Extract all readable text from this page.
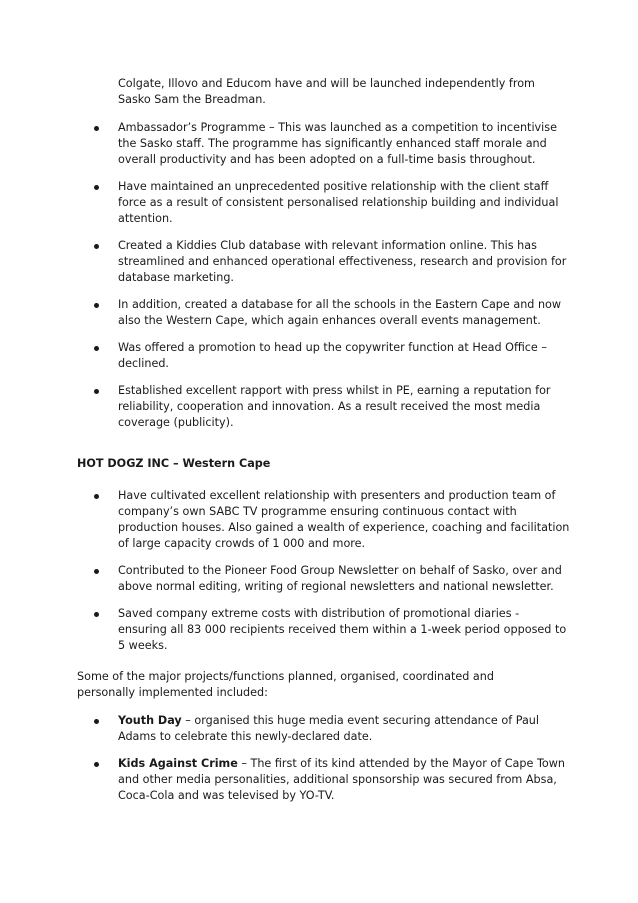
Colgate, Illovo and Educom have and will be launched independently from Sasko Sam the Breadman.

Ambassador’s Programme – This was launched as a competition to incentivise the Sasko staff. The programme has significantly enhanced staff morale and overall productivity and has been adopted on a full-time basis throughout.
Have maintained an unprecedented positive relationship with the client staff force as a result of consistent personalised relationship building and individual attention.
Created a Kiddies Club database with relevant information online. This has streamlined and enhanced operational effectiveness, research and provision for database marketing.
In addition, created a database for all the schools in the Eastern Cape and now also the Western Cape, which again enhances overall events management.
Was offered a promotion to head up the copywriter function at Head Office – declined.
Established excellent rapport with press whilst in PE, earning a reputation for reliability, cooperation and innovation. As a result received the most media coverage (publicity).

HOT DOGZ INC – Western Cape

Have cultivated excellent relationship with presenters and production team of company’s own SABC TV programme ensuring continuous contact with production houses. Also gained a wealth of experience, coaching and facilitation of large capacity crowds of 1 000 and more.
Contributed to the Pioneer Food Group Newsletter on behalf of Sasko, over and above normal editing, writing of regional newsletters and national newsletter.
Saved company extreme costs with distribution of promotional diaries - ensuring all 83 000 recipients received them within a 1-week period opposed to 5 weeks.

Some of the major projects/functions planned, organised, coordinated and personally implemented included:

Youth Day – organised this huge media event securing attendance of Paul Adams to celebrate this newly-declared date.
Kids Against Crime – The first of its kind attended by the Mayor of Cape Town and other media personalities, additional sponsorship was secured from Absa, Coca-Cola and was televised by YO-TV.
